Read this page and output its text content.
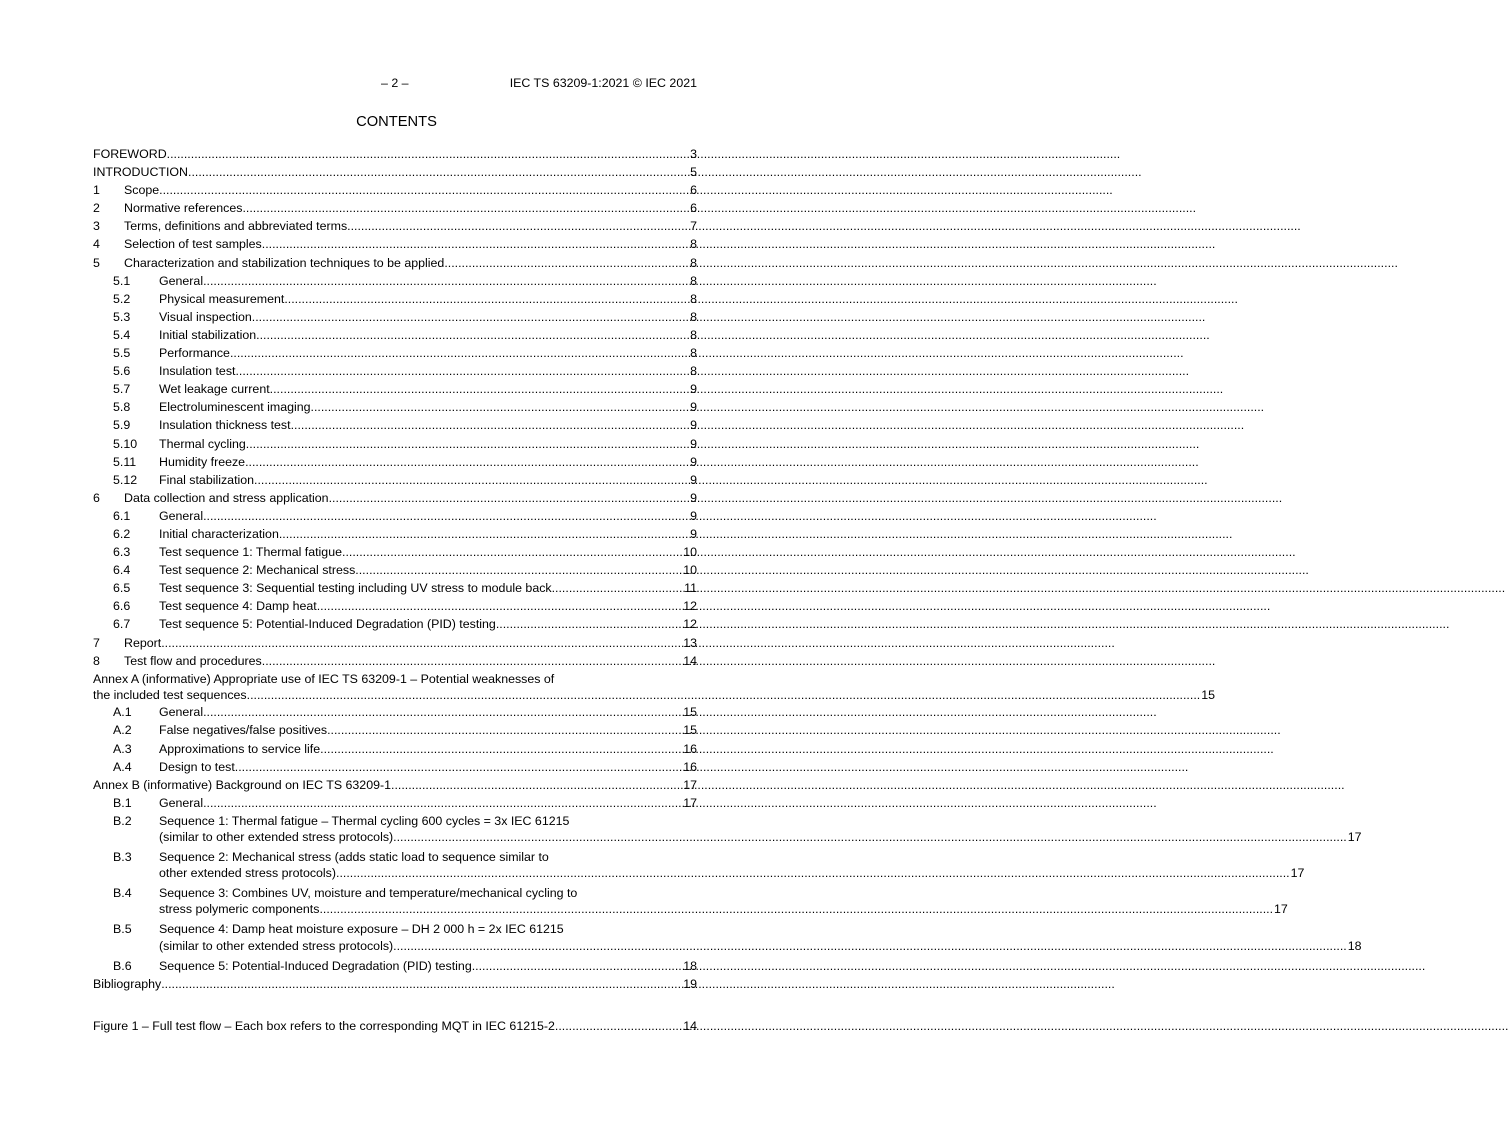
– 2 –	IEC TS 63209-1:2021 © IEC 2021
CONTENTS
FOREWORD .....	3
INTRODUCTION .....	5
1	Scope .....	6
2	Normative references .....	6
3	Terms, definitions and abbreviated terms .....	7
4	Selection of test samples .....	8
5	Characterization and stabilization techniques to be applied .....	8
5.1	General .....	8
5.2	Physical measurement .....	8
5.3	Visual inspection .....	8
5.4	Initial stabilization .....	8
5.5	Performance .....	8
5.6	Insulation test .....	8
5.7	Wet leakage current .....	9
5.8	Electroluminescent imaging .....	9
5.9	Insulation thickness test .....	9
5.10	Thermal cycling .....	9
5.11	Humidity freeze .....	9
5.12	Final stabilization .....	9
6	Data collection and stress application .....	9
6.1	General .....	9
6.2	Initial characterization .....	9
6.3	Test sequence 1: Thermal fatigue .....	10
6.4	Test sequence 2: Mechanical stress .....	10
6.5	Test sequence 3: Sequential testing including UV stress to module back .....	11
6.6	Test sequence 4: Damp heat .....	12
6.7	Test sequence 5: Potential-Induced Degradation (PID) testing .....	12
7	Report .....	13
8	Test flow and procedures .....	14
Annex A (informative) Appropriate use of IEC TS 63209-1 – Potential weaknesses of
the included test sequences .....	15
A.1	General .....	15
A.2	False negatives/false positives .....	15
A.3	Approximations to service life .....	16
A.4	Design to test .....	16
Annex B (informative) Background on IEC TS 63209-1 .....	17
B.1	General .....	17
B.2	Sequence 1: Thermal fatigue – Thermal cycling 600 cycles = 3x IEC 61215
(similar to other extended stress protocols) .....	17
B.3	Sequence 2: Mechanical stress (adds static load to sequence similar to
other extended stress protocols) .....	17
B.4	Sequence 3: Combines UV, moisture and temperature/mechanical cycling to
stress polymeric components .....	17
B.5	Sequence 4: Damp heat moisture exposure – DH 2 000 h = 2x IEC 61215
(similar to other extended stress protocols) .....	18
B.6	Sequence 5: Potential-Induced Degradation (PID) testing .....	18
Bibliography .....	19
Figure 1 – Full test flow – Each box refers to the corresponding MQT in IEC 61215-2 .....	14
